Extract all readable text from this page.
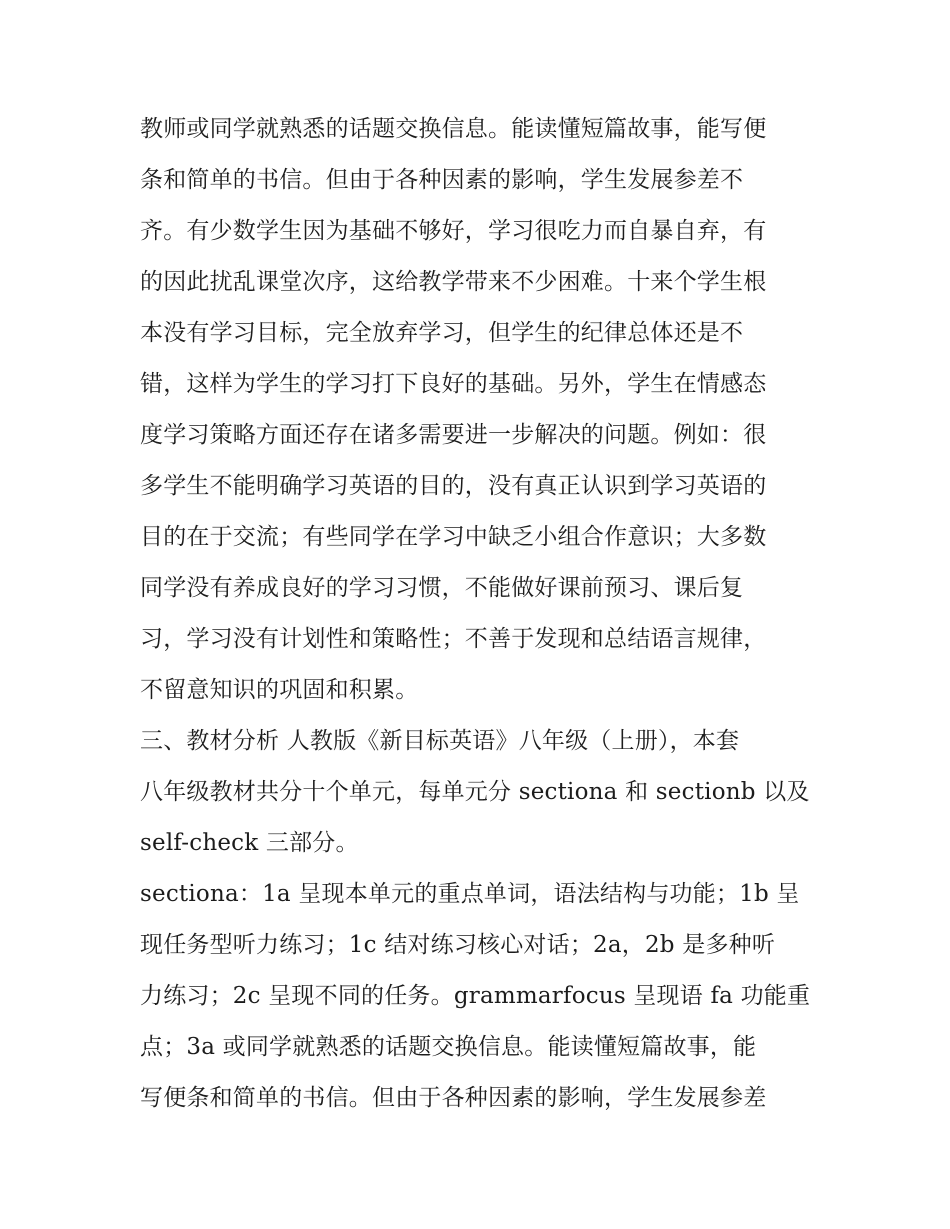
教师或同学就熟悉的话题交换信息。能读懂短篇故事，能写便
条和简单的书信。但由于各种因素的影响，学生发展参差不
齐。有少数学生因为基础不够好，学习很吃力而自暴自弃，有
的因此扰乱课堂次序，这给教学带来不少困难。十来个学生根
本没有学习目标，完全放弃学习，但学生的纪律总体还是不
错，这样为学生的学习打下良好的基础。另外，学生在情感态
度学习策略方面还存在诸多需要进一步解决的问题。例如：很
多学生不能明确学习英语的目的，没有真正认识到学习英语的
目的在于交流；有些同学在学习中缺乏小组合作意识；大多数
同学没有养成良好的学习习惯，不能做好课前预习、课后复
习，学习没有计划性和策略性；不善于发现和总结语言规律，
不留意知识的巩固和积累。
三、教材分析 人教版《新目标英语》八年级（上册），本套
八年级教材共分十个单元，每单元分 sectiona 和 sectionb 以及
self-check 三部分。
sectiona：1a 呈现本单元的重点单词，语法结构与功能；1b 呈
现任务型听力练习；1c 结对练习核心对话；2a，2b 是多种听
力练习；2c 呈现不同的任务。grammarfocus 呈现语 fa 功能重
点；3a 或同学就熟悉的话题交换信息。能读懂短篇故事，能
写便条和简单的书信。但由于各种因素的影响，学生发展参差
